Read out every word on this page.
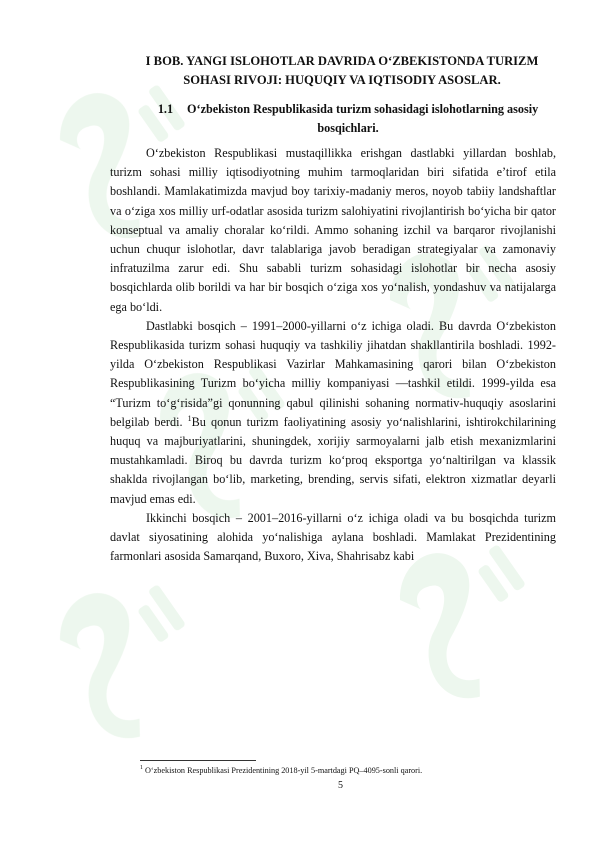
I BOB. YANGI ISLOHOTLAR DAVRIDA O‘ZBEKISTONDA TURIZM SOHASI RIVOJI: HUQUQIY VA IQTISODIY ASOSLAR.
1.1 O‘zbekiston Respublikasida turizm sohasidagi islohotlarning asosiy bosqichlari.

O‘zbekiston Respublikasi mustaqillikka erishgan dastlabki yillardan boshlab, turizm sohasi milliy iqtisodiyotning muhim tarmoqlaridan biri sifatida e’tirof etila boshlandi. Mamlakatimizda mavjud boy tarixiy-madaniy meros, noyob tabiiy landshaftlar va o‘ziga xos milliy urf-odatlar asosida turizm salohiyatini rivojlantirish bo‘yicha bir qator konseptual va amaliy choralar ko‘rildi. Ammo sohaning izchil va barqaror rivojlanishi uchun chuqur islohotlar, davr talablariga javob beradigan strategiyalar va zamonaviy infratuzilma zarur edi. Shu sababli turizm sohasidagi islohotlar bir necha asosiy bosqichlarda olib borildi va har bir bosqich o‘ziga xos yo‘nalish, yondashuv va natijalarga ega bo‘ldi.

Dastlabki bosqich – 1991–2000-yillarni o‘z ichiga oladi. Bu davrda O‘zbekiston Respublikasida turizm sohasi huquqiy va tashkiliy jihatdan shakllantirila boshladi. 1992-yilda O‘zbekiston Respublikasi Vazirlar Mahkamasining qarori bilan O‘zbekiston Respublikasining Turizm bo‘yicha milliy kompaniyasi —tashkil etildi. 1999-yilda esa “Turizm to‘g‘risida”gi qonunning qabul qilinishi sohaning normativ-huquqiy asoslarini belgilab berdi. $^1$Bu qonun turizm faoliyatining asosiy yo‘nalishlarini, ishtirokchilarining huquq va majburiyatlarini, shuningdek, xorijiy sarmoyalarni jalb etish mexanizmlarini mustahkamladi. Biroq bu davrda turizm ko‘proq eksportga yo‘naltirilgan va klassik shaklda rivojlangan bo‘lib, marketing, brending, servis sifati, elektron xizmatlar deyarli mavjud emas edi.

Ikkinchi bosqich – 2001–2016-yillarni o‘z ichiga oladi va bu bosqichda turizm davlat siyosatining alohida yo‘nalishiga aylana boshladi. Mamlakat Prezidentining farmonlari asosida Samarqand, Buxoro, Xiva, Shahrisabz kabi

$^1$ O‘zbekiston Respublikasi Prezidentining 2018-yil 5-martdagi PQ–4095-sonli qarori.
5
